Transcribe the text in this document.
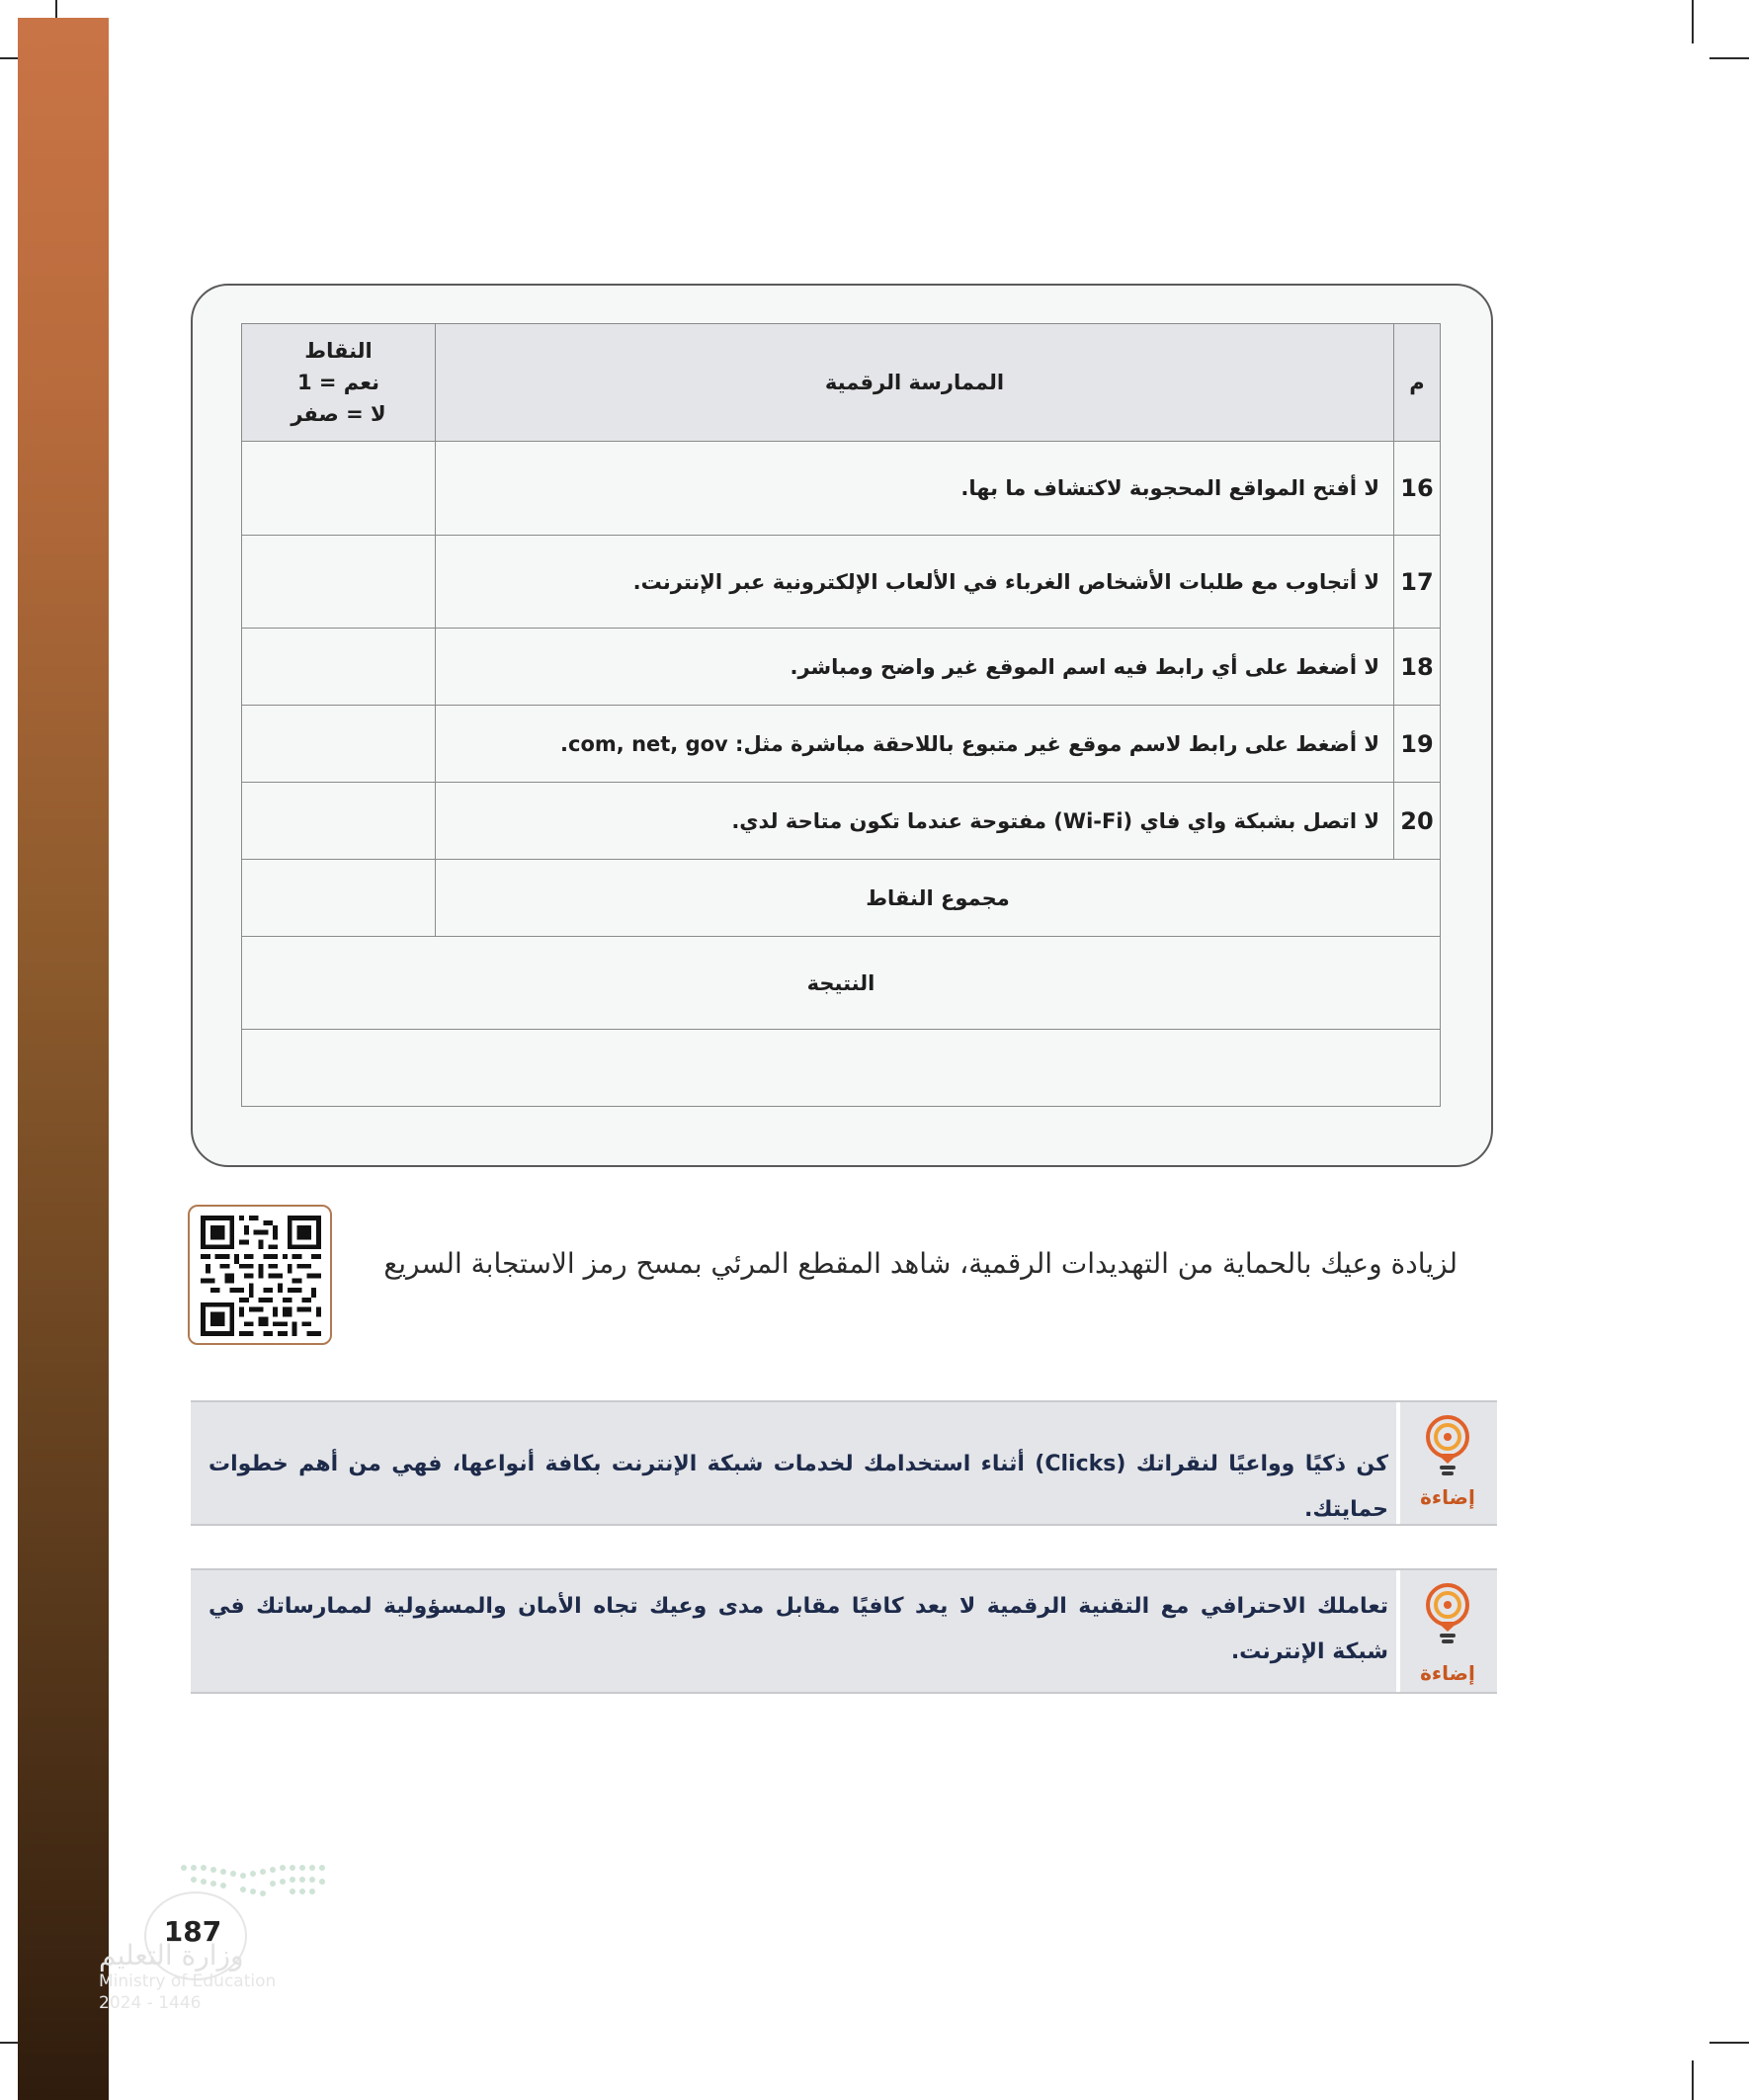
م	الممارسة الرقمية	النقاط
نعم = 1
لا = صفر

16	لا أفتح المواقع المحجوبة لاكتشاف ما بها.	
17	لا أتجاوب مع طلبات الأشخاص الغرباء في الألعاب الإلكترونية عبر الإنترنت.	
18	لا أضغط على أي رابط فيه اسم الموقع غير واضح ومباشر.	
19	لا أضغط على رابط لاسم موقع غير متبوع باللاحقة مباشرة مثل: com, net, gov.	
20	لا اتصل بشبكة واي فاي (Wi-Fi) مفتوحة عندما تكون متاحة لدي.	
مجموع النقاط		
النتيجة		

لزيادة وعيك بالحماية من التهديدات الرقمية، شاهد المقطع المرئي بمسح رمز الاستجابة السريع
إضاءة
كن ذكيًا وواعيًا لنقراتك (Clicks) أثناء استخدامك لخدمات شبكة الإنترنت بكافة أنواعها، فهي من أهم خطوات حمايتك.
إضاءة
تعاملك الاحترافي مع التقنية الرقمية لا يعد كافيًا مقابل مدى وعيك تجاه الأمان والمسؤولية لممارساتك في شبكة الإنترنت.
187
وزارة التعليم
Ministry of Education
2024 - 1446
